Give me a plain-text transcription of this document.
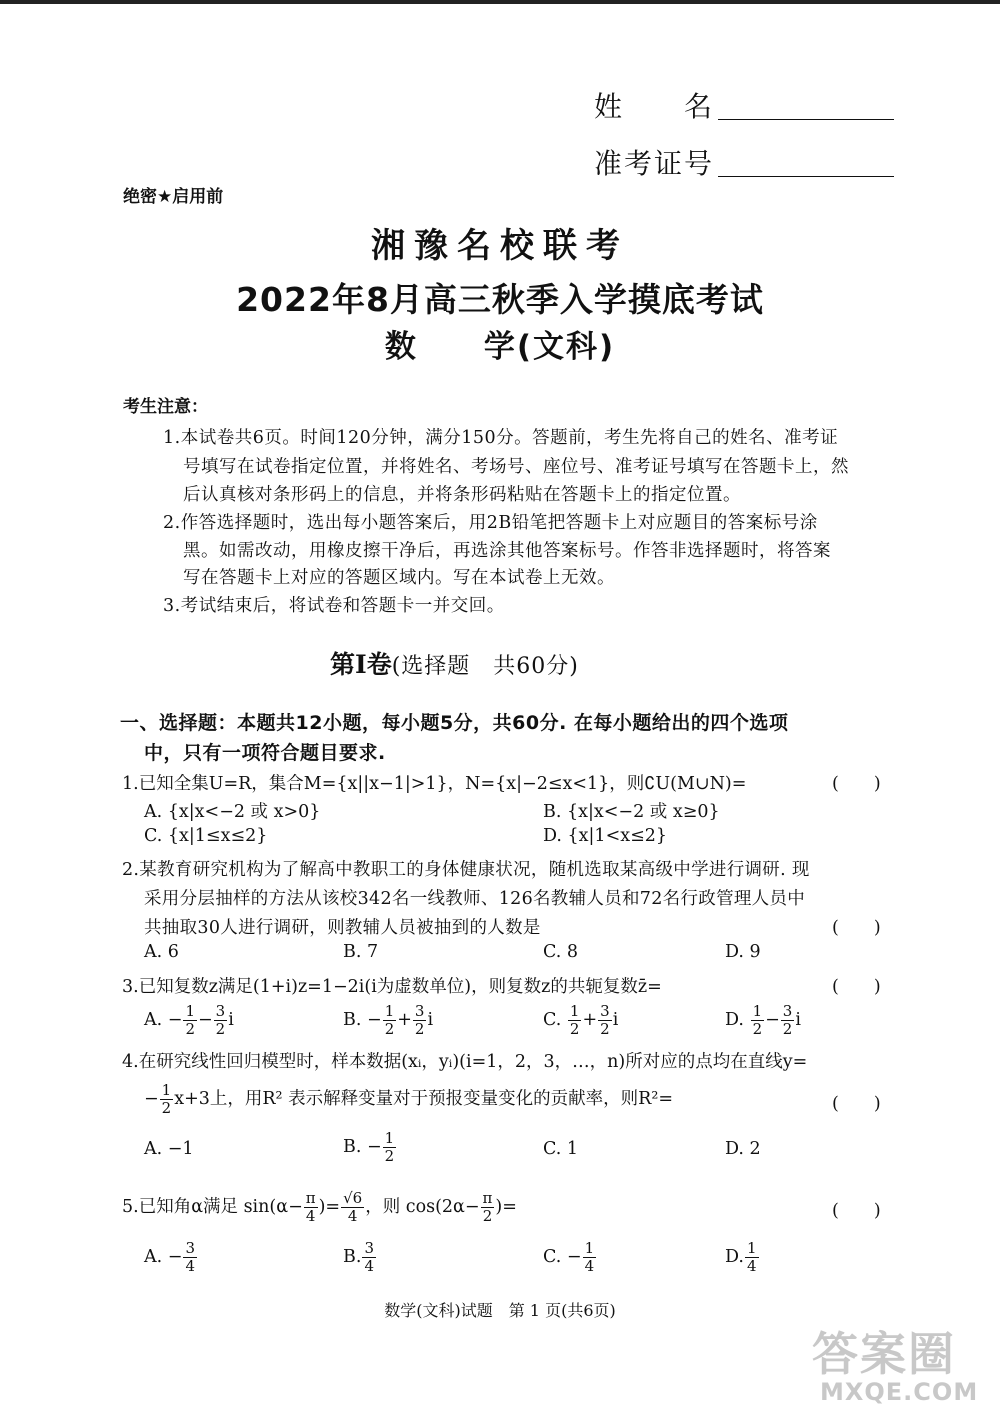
姓　　名
准考证号
绝密★启用前
湘豫名校联考
2022年8月高三秋季入学摸底考试
数　　学(文科)
考生注意：
1.本试卷共6页。时间120分钟，满分150分。答题前，考生先将自己的姓名、准考证
号填写在试卷指定位置，并将姓名、考场号、座位号、准考证号填写在答题卡上，然
后认真核对条形码上的信息，并将条形码粘贴在答题卡上的指定位置。
2.作答选择题时，选出每小题答案后，用2B铅笔把答题卡上对应题目的答案标号涂
黑。如需改动，用橡皮擦干净后，再选涂其他答案标号。作答非选择题时，将答案
写在答题卡上对应的答题区域内。写在本试卷上无效。
3.考试结束后，将试卷和答题卡一并交回。
第Ⅰ卷(选择题　共60分)
一、选择题：本题共12小题，每小题5分，共60分. 在每小题给出的四个选项
中，只有一项符合题目要求.
1.已知全集U=R，集合M={x||x−1|>1}，N={x|−2≤x<1}，则∁U(M∪N)=	(　　)
A. {x|x<−2 或 x>0}	B. {x|x<−2 或 x≥0}
C. {x|1≤x≤2}	D. {x|1<x≤2}
2.某教育研究机构为了解高中教职工的身体健康状况，随机选取某高级中学进行调研. 现
采用分层抽样的方法从该校342名一线教师、126名教辅人员和72名行政管理人员中
共抽取30人进行调研，则教辅人员被抽到的人数是	(　　)
A. 6	B. 7	C. 8	D. 9
3.已知复数z满足(1+i)z=1−2i(i为虚数单位)，则复数z的共轭复数z̄=	(　　)
A. − $\frac{1}{2} - \frac{3}{2}$ i	B. − $\frac{1}{2} + \frac{3}{2}$ i	C. $\frac{1}{2} + \frac{3}{2}$ i	D. $\frac{1}{2} - \frac{3}{2}$ i
4.在研究线性回归模型时，样本数据(xᵢ，yᵢ)(i=1，2，3，…，n)所对应的点均在直线y=
− $\frac{1}{2} x+3$上，用R² 表示解释变量对于预报变量变化的贡献率，则R²=	(　　)
A. −1	B. − $\frac{1}{2}$	C. 1	D. 2
5.已知角α满足 $\sin(\alpha- \frac{\pi}{4}$ )= $\frac{√6}{4}$ ，则 $\cos(2\alpha- \frac{\pi}{2}$ )=	(　　)
A. − $\frac{3}{4}$	B. $\frac{3}{4}$	C. − $\frac{1}{4}$	D. $\frac{1}{4}$
数学(文科)试题　第 1 页(共6页)
答案圈
MXQE.COM
